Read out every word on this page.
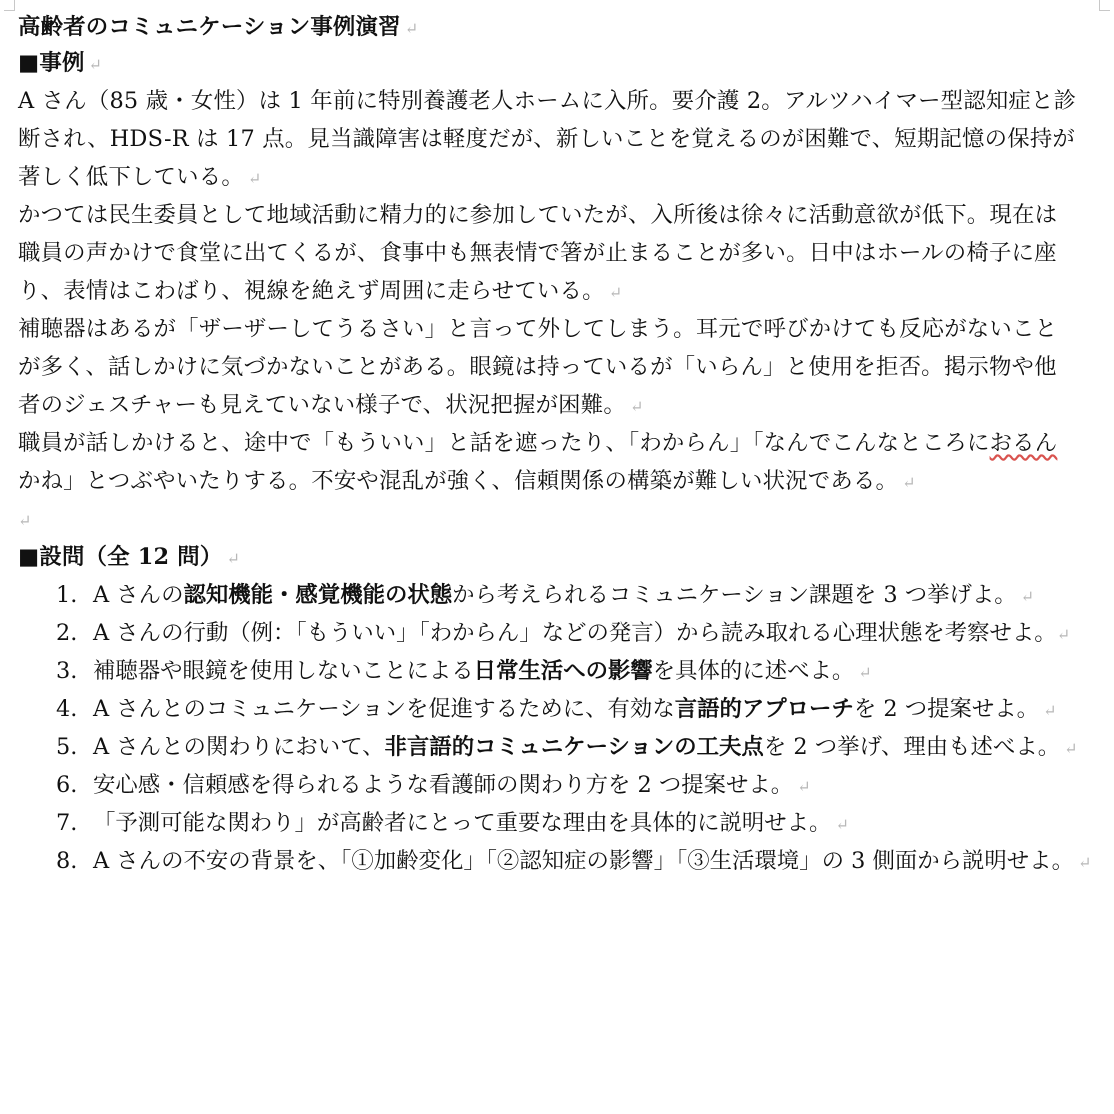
高齢者のコミュニケーション事例演習 ↵
■事例 ↵
A さん（85 歳・女性）は 1 年前に特別養護老人ホームに入所。要介護 2。アルツハイマー型認知症と診
断され、HDS-R は 17 点。見当識障害は軽度だが、新しいことを覚えるのが困難で、短期記憶の保持が
著しく低下している。 ↵
かつては民生委員として地域活動に精力的に参加していたが、入所後は徐々に活動意欲が低下。現在は
職員の声かけで食堂に出てくるが、食事中も無表情で箸が止まることが多い。日中はホールの椅子に座
り、表情はこわばり、視線を絶えず周囲に走らせている。 ↵
補聴器はあるが「ザーザーしてうるさい」と言って外してしまう。耳元で呼びかけても反応がないこと
が多く、話しかけに気づかないことがある。眼鏡は持っているが「いらん」と使用を拒否。掲示物や他
者のジェスチャーも見えていない様子で、状況把握が困難。 ↵
職員が話しかけると、途中で「もういい」と話を遮ったり、「わからん」「なんでこんなところにおるん
かね」とつぶやいたりする。不安や混乱が強く、信頼関係の構築が難しい状況である。 ↵
↵
■設問（全 12 問） ↵
1. A さんの認知機能・感覚機能の状態から考えられるコミュニケーション課題を 3 つ挙げよ。 ↵
2. A さんの行動（例：「もういい」「わからん」などの発言）から読み取れる心理状態を考察せよ。↵
3. 補聴器や眼鏡を使用しないことによる日常生活への影響を具体的に述べよ。 ↵
4. A さんとのコミュニケーションを促進するために、有効な言語的アプローチを 2 つ提案せよ。 ↵
5. A さんとの関わりにおいて、非言語的コミュニケーションの工夫点を 2 つ挙げ、理由も述べよ。 ↵
6. 安心感・信頼感を得られるような看護師の関わり方を 2 つ提案せよ。 ↵
7. 「予測可能な関わり」が高齢者にとって重要な理由を具体的に説明せよ。 ↵
8. A さんの不安の背景を、「①加齢変化」「②認知症の影響」「③生活環境」の 3 側面から説明せよ。 ↵
